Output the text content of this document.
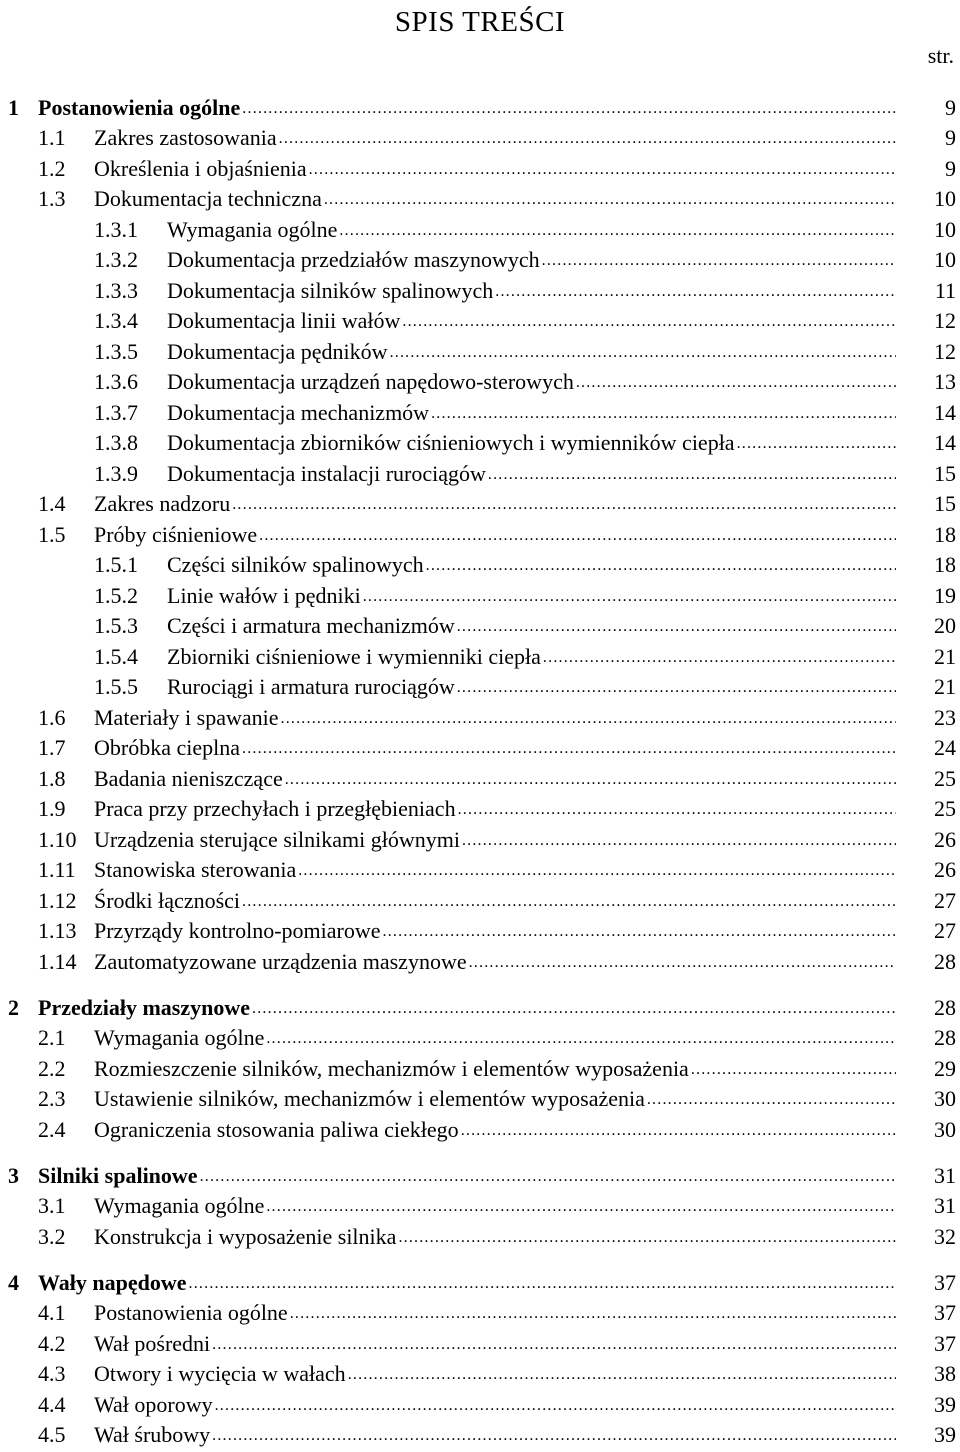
SPIS TREŚCI
str.
1 Postanowienia ogólne .....	9
1.1 Zakres zastosowania .....	9
1.2 Określenia i objaśnienia .....	9
1.3 Dokumentacja techniczna .....	10
1.3.1 Wymagania ogólne .....	10
1.3.2 Dokumentacja przedziałów maszynowych .....	10
1.3.3 Dokumentacja silników spalinowych .....	11
1.3.4 Dokumentacja linii wałów .....	12
1.3.5 Dokumentacja pędników .....	12
1.3.6 Dokumentacja urządzeń napędowo-sterowych .....	13
1.3.7 Dokumentacja mechanizmów .....	14
1.3.8 Dokumentacja zbiorników ciśnieniowych i wymienników ciepła .....	14
1.3.9 Dokumentacja instalacji rurociągów .....	15
1.4 Zakres nadzoru .....	15
1.5 Próby ciśnieniowe .....	18
1.5.1 Części silników spalinowych .....	18
1.5.2 Linie wałów i pędniki .....	19
1.5.3 Części i armatura mechanizmów .....	20
1.5.4 Zbiorniki ciśnieniowe i wymienniki ciepła .....	21
1.5.5 Rurociągi i armatura rurociągów .....	21
1.6 Materiały i spawanie .....	23
1.7 Obróbka cieplna .....	24
1.8 Badania nieniszczące .....	25
1.9 Praca przy przechyłach i przegłębieniach .....	25
1.10 Urządzenia sterujące silnikami głównymi .....	26
1.11 Stanowiska sterowania .....	26
1.12 Środki łączności .....	27
1.13 Przyrządy kontrolno-pomiarowe .....	27
1.14 Zautomatyzowane urządzenia maszynowe .....	28
2 Przedziały maszynowe .....	28
2.1 Wymagania ogólne .....	28
2.2 Rozmieszczenie silników, mechanizmów i elementów wyposażenia .....	29
2.3 Ustawienie silników, mechanizmów i elementów wyposażenia .....	30
2.4 Ograniczenia stosowania paliwa ciekłego .....	30
3 Silniki spalinowe .....	31
3.1 Wymagania ogólne .....	31
3.2 Konstrukcja i wyposażenie silnika .....	32
4 Wały napędowe .....	37
4.1 Postanowienia ogólne .....	37
4.2 Wał pośredni .....	37
4.3 Otwory i wycięcia w wałach .....	38
4.4 Wał oporowy .....	39
4.5 Wał śrubowy .....	39
